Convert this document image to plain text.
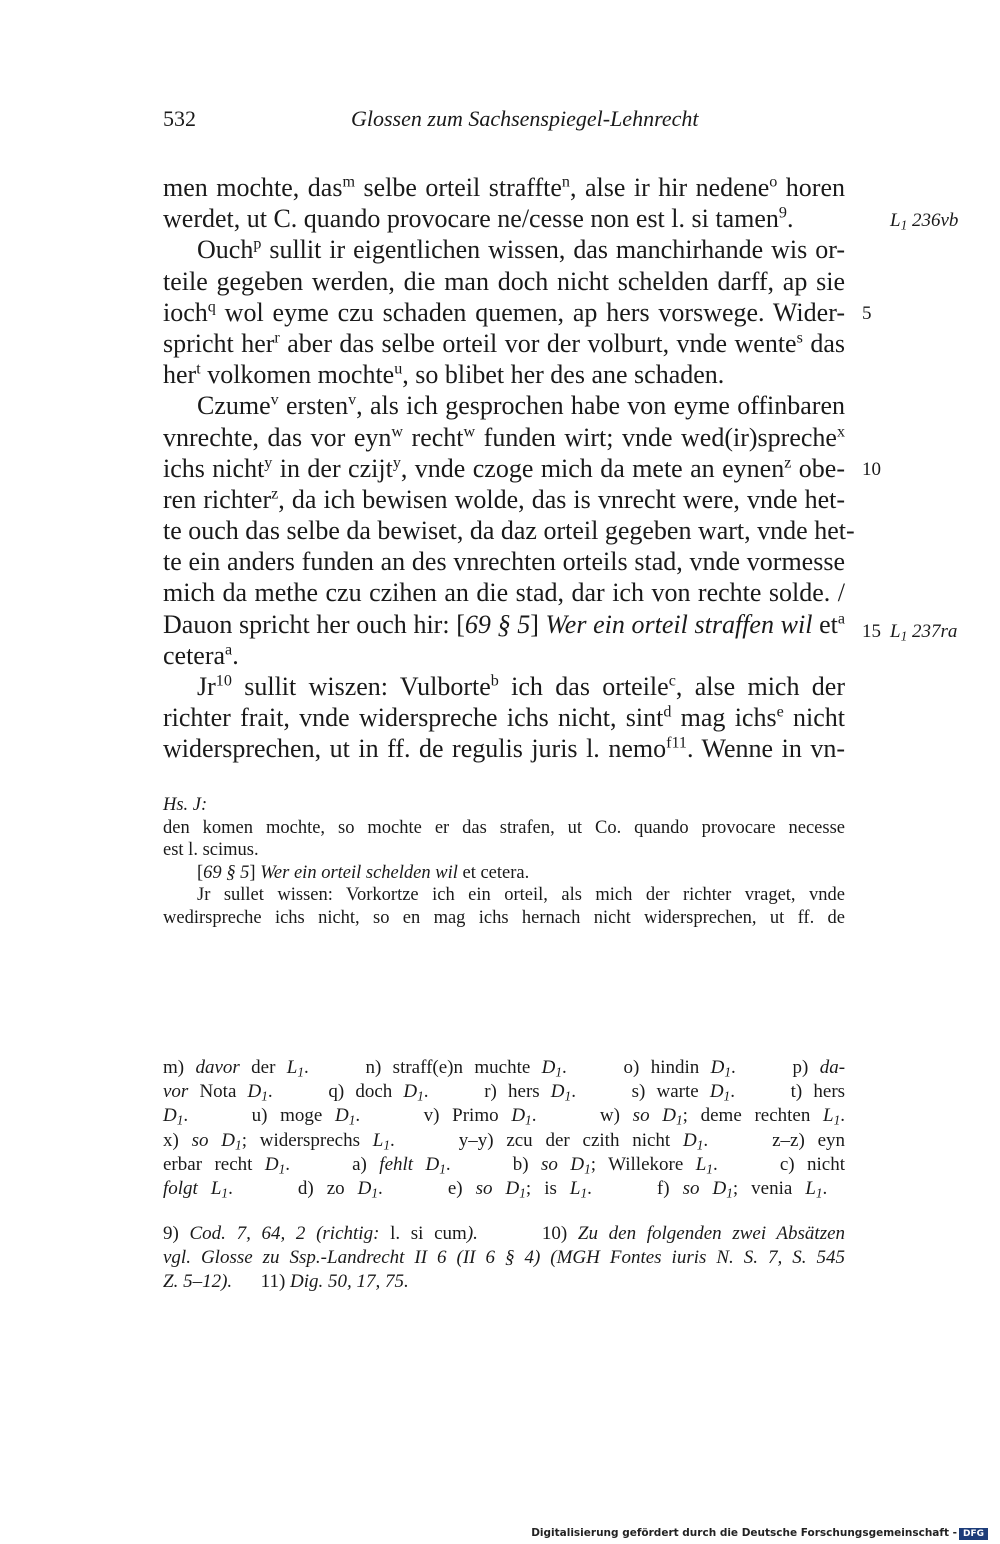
532	Glossen zum Sachsenspiegel-Lehnrecht
men mochte, das$^m$ selbe orteil straffte$^n$, alse ir hir nedene$^o$ horen
werdet, ut C. quando provocare ne/cesse non est l. si tamen$^9$.
Ouch$^p$ sullit ir eigentlichen wissen, das manchirhande wis or-
teile gegeben werden, die man doch nicht schelden darff, ap sie
ioch$^q$ wol eyme czu schaden quemen, ap hers vorswege. Wider-
spricht her$^r$ aber das selbe orteil vor der volburt, vnde wente$^s$ das
her$^t$ volkomen mochte$^u$, so blibet her des ane schaden.
Czume$^v$ ersten$^v$, als ich gesprochen habe von eyme offinbaren
vnrechte, das vor eyn$^w$ recht$^w$ funden wirt; vnde wed(ir)spreche$^x$
ichs nicht$^y$ in der czijt$^y$, vnde czoge mich da mete an eynen$^z$ obe-
ren richter$^z$, da ich bewisen wolde, das is vnrecht were, vnde het-
te ouch das selbe da bewiset, da daz orteil gegeben wart, vnde het-
te ein anders funden an des vnrechten orteils stad, vnde vormesse
mich da methe czu czihen an die stad, dar ich von rechte solde. /
Dauon spricht her ouch hir: [69 § 5] Wer ein orteil straffen wil $et^a$
cetera$^a$.
Jr$^{10}$ sullit wiszen: Vulborte$^b$ ich das orteile$^c$, alse mich der
richter frait, vnde widerspreche ichs nicht, sint$^d$ mag ichs$^e$ nicht
widersprechen, ut in ff. de regulis juris l. nemo$^{f11}$. Wenne in vn-
5
10
15
L1 236vb
L1 237ra
Hs. J:
den komen mochte, so mochte er das strafen, ut Co. quando provocare necesse
est l. scimus.
[69 § 5] Wer ein orteil schelden wil et cetera.
Jr sullet wissen: Vorkortze ich ein orteil, als mich der richter vraget, vnde
wedirspreche ichs nicht, so en mag ichs hernach nicht widersprechen, ut ff. de
m) davor der L1.	n) straff(e)n muchte D1.	o) hindin D1.	p) da-
vor Nota D1.	q) doch D1.	r) hers D1.	s) warte D1.	t) hers
D1.	u) moge D1.	v) Primo D1.	w) so D1; deme rechten L1.
x) so D1; widersprechs L1.	y–y) zcu der czith nicht D1.	z–z) eyn
erbar recht D1.	a) fehlt D1.	b) so D1; Willekore L1.	c) nicht
folgt L1.	d) zo D1.	e) so D1; is L1.	f) so D1; venia L1.
9) Cod. 7, 64, 2 (richtig: l. si cum).	10) Zu den folgenden zwei Absätzen
vgl. Glosse zu Ssp.-Landrecht II 6 (II 6 § 4) (MGH Fontes iuris N. S. 7, S. 545
Z. 5–12). 11) Dig. 50, 17, 75.
Digitalisierung gefördert durch die Deutsche Forschungsgemeinschaft - DFG
